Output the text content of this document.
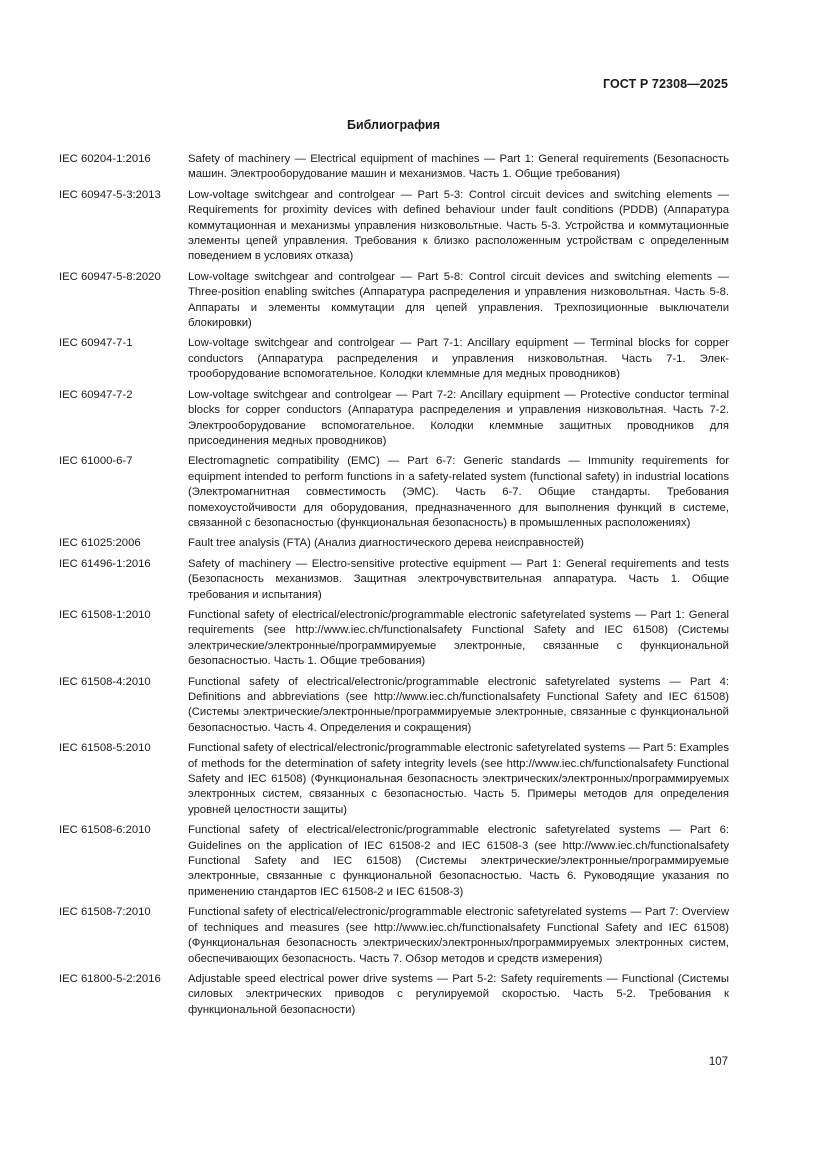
ГОСТ Р 72308—2025
Библиография
IEC 60204-1:2016	Safety of machinery — Electrical equipment of machines — Part 1: General requirements (Безопасность машин. Электрооборудование машин и механизмов. Часть 1. Общие требования)
IEC 60947-5-3:2013	Low-voltage switchgear and controlgear — Part 5-3: Control circuit devices and switching elements — Requirements for proximity devices with defined behaviour under fault conditions (PDDB) (Аппаратура коммутационная и механизмы управления низковольтные. Часть 5-3. Устройства и коммутационные элементы цепей управления. Требования к близко расположенным устройствам с определенным поведением в условиях отказа)
IEC 60947-5-8:2020	Low-voltage switchgear and controlgear — Part 5-8: Control circuit devices and switching elements — Three-position enabling switches (Аппаратура распределения и управления низковольтная. Часть 5-8. Аппараты и элементы коммутации для цепей управления. Трехпозиционные выключатели блокировки)
IEC 60947-7-1	Low-voltage switchgear and controlgear — Part 7-1: Ancillary equipment — Terminal blocks for copper conductors (Аппаратура распределения и управления низковольтная. Часть 7-1. Электрооборудование вспомогательное. Колодки клеммные для медных проводников)
IEC 60947-7-2	Low-voltage switchgear and controlgear — Part 7-2: Ancillary equipment — Protective conductor terminal blocks for copper conductors (Аппаратура распределения и управления низковольтная. Часть 7-2. Электрооборудование вспомогательное. Колодки клеммные защитных проводников для присоединения медных проводников)
IEC 61000-6-7	Electromagnetic compatibility (EMC) — Part 6-7: Generic standards — Immunity requirements for equipment intended to perform functions in a safety-related system (functional safety) in industrial locations (Электромагнитная совместимость (ЭМС). Часть 6-7. Общие стандарты. Требования помехоустойчивости для оборудования, предназначенного для выполнения функций в системе, связанной с безопасностью (функциональная безопасность) в промышленных расположениях)
IEC 61025:2006	Fault tree analysis (FTA) (Анализ диагностического дерева неисправностей)
IEC 61496-1:2016	Safety of machinery — Electro-sensitive protective equipment — Part 1: General requirements and tests (Безопасность механизмов. Защитная электрочувствительная аппаратура. Часть 1. Общие требования и испытания)
IEC 61508-1:2010	Functional safety of electrical/electronic/programmable electronic safetyrelated systems — Part 1: General requirements (see http://www.iec.ch/functionalsafety Functional Safety and IEC 61508) (Системы электрические/электронные/программируемые электронные, связанные с функциональной безопасностью. Часть 1. Общие требования)
IEC 61508-4:2010	Functional safety of electrical/electronic/programmable electronic safetyrelated systems — Part 4: Definitions and abbreviations (see http://www.iec.ch/functionalsafety Functional Safety and IEC 61508) (Системы электрические/электронные/программируемые электронные, связанные с функциональной безопасностью. Часть 4. Определения и сокращения)
IEC 61508-5:2010	Functional safety of electrical/electronic/programmable electronic safetyrelated systems — Part 5: Examples of methods for the determination of safety integrity levels (see http://www.iec.ch/functionalsafety Functional Safety and IEC 61508) (Функциональная безопасность электрических/электронных/программируемых электронных систем, связанных с безопасностью. Часть 5. Примеры методов для определения уровней целостности защиты)
IEC 61508-6:2010	Functional safety of electrical/electronic/programmable electronic safetyrelated systems — Part 6: Guidelines on the application of IEC 61508-2 and IEC 61508-3 (see http://www.iec.ch/functionalsafety Functional Safety and IEC 61508) (Системы электрические/электронные/программируемые электронные, связанные с функциональной безопасностью. Часть 6. Руководящие указания по применению стандартов IEC 61508-2 и IEC 61508-3)
IEC 61508-7:2010	Functional safety of electrical/electronic/programmable electronic safetyrelated systems — Part 7: Overview of techniques and measures (see http://www.iec.ch/functionalsafety Functional Safety and IEC 61508) (Функциональная безопасность электрических/электронных/программируемых электронных систем, обеспечивающих безопасность. Часть 7. Обзор методов и средств измерения)
IEC 61800-5-2:2016	Adjustable speed electrical power drive systems — Part 5-2: Safety requirements — Functional (Системы силовых электрических приводов с регулируемой скоростью. Часть 5-2. Требования к функциональной безопасности)
107
